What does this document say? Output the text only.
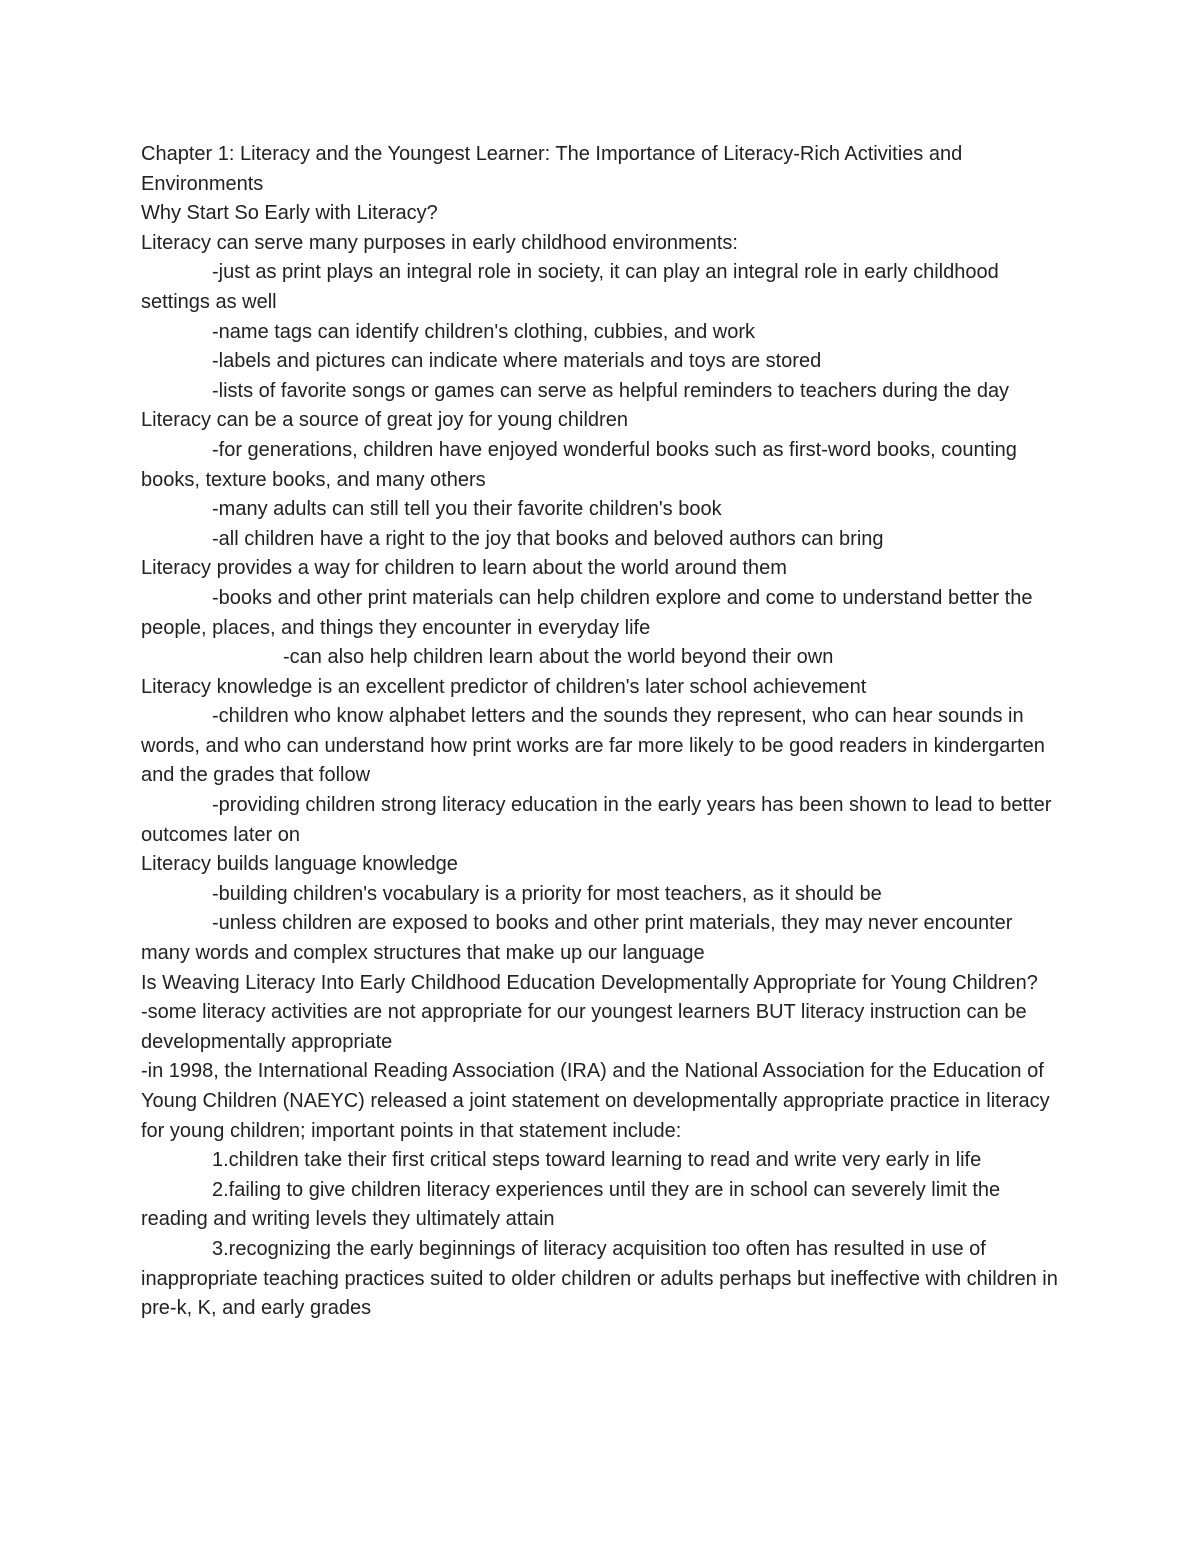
Chapter 1: Literacy and the Youngest Learner: The Importance of Literacy-Rich Activities and Environments

Why Start So Early with Literacy?

Literacy can serve many purposes in early childhood environments:

-just as print plays an integral role in society, it can play an integral role in early childhood settings as well

-name tags can identify children's clothing, cubbies, and work

-labels and pictures can indicate where materials and toys are stored

-lists of favorite songs or games can serve as helpful reminders to teachers during the day

Literacy can be a source of great joy for young children

-for generations, children have enjoyed wonderful books such as first-word books, counting books, texture books, and many others

-many adults can still tell you their favorite children's book

-all children have a right to the joy that books and beloved authors can bring

Literacy provides a way for children to learn about the world around them

-books and other print materials can help children explore and come to understand better the people, places, and things they encounter in everyday life

-can also help children learn about the world beyond their own

Literacy knowledge is an excellent predictor of children's later school achievement

-children who know alphabet letters and the sounds they represent, who can hear sounds in words, and who can understand how print works are far more likely to be good readers in kindergarten and the grades that follow

-providing children strong literacy education in the early years has been shown to lead to better outcomes later on

Literacy builds language knowledge

-building children's vocabulary is a priority for most teachers, as it should be

-unless children are exposed to books and other print materials, they may never encounter many words and complex structures that make up our language

Is Weaving Literacy Into Early Childhood Education Developmentally Appropriate for Young Children?

-some literacy activities are not appropriate for our youngest learners BUT literacy instruction can be developmentally appropriate

-in 1998, the International Reading Association (IRA) and the National Association for the Education of Young Children (NAEYC) released a joint statement on developmentally appropriate practice in literacy for young children; important points in that statement include:

1.children take their first critical steps toward learning to read and write very early in life

2.failing to give children literacy experiences until they are in school can severely limit the reading and writing levels they ultimately attain

3.recognizing the early beginnings of literacy acquisition too often has resulted in use of inappropriate teaching practices suited to older children or adults perhaps but ineffective with children in pre-k, K, and early grades
